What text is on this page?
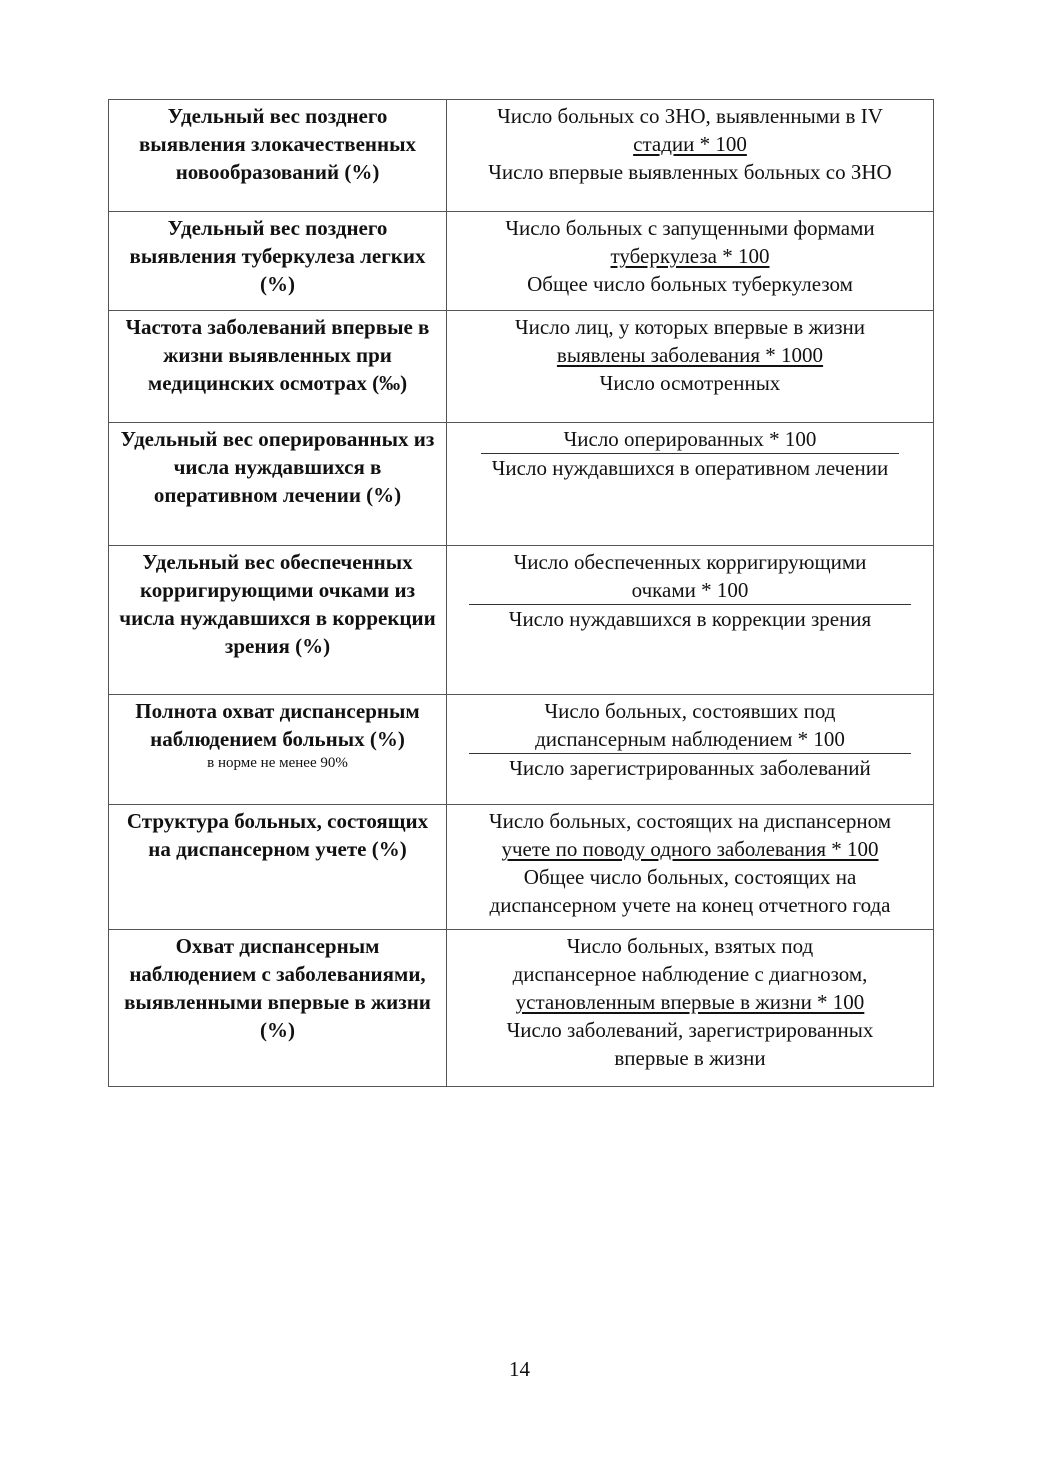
Удельный вес позднего выявления злокачественных новообразований (%)	Число больных со ЗНО, выявленными в IV
стадии * 100
Число впервые выявленных больных со ЗНО

Удельный вес позднего выявления туберкулеза легких (%)	Число больных с запущенными формами
туберкулеза * 100
Общее число больных туберкулезом

Частота заболеваний впервые в жизни выявленных при медицинских осмотрах (‰)	Число лиц, у которых впервые в жизни
выявлены заболевания * 1000
Число осмотренных

Удельный вес оперированных из числа нуждавшихся в оперативном лечении (%)	Число оперированных * 100
Число нуждавшихся в оперативном лечении

Удельный вес обеспеченных корригирующими очками из числа нуждавшихся в коррекции зрения (%)	Число обеспеченных корригирующими
очками * 100
Число нуждавшихся в коррекции зрения

Полнота охват диспансерным наблюдением больных (%)
в норме не менее 90%	Число больных, состоявших под
диспансерным наблюдением * 100
Число зарегистрированных заболеваний

Структура больных, состоящих на диспансерном учете (%)	Число больных, состоящих на диспансерном
учете по поводу одного заболевания * 100
Общее число больных, состоящих на
диспансерном учете на конец отчетного года

Охват диспансерным наблюдением с заболеваниями, выявленными впервые в жизни (%)	Число больных, взятых под
диспансерное наблюдение с диагнозом,
установленным впервые в жизни * 100
Число заболеваний, зарегистрированных
впервые в жизни
14
